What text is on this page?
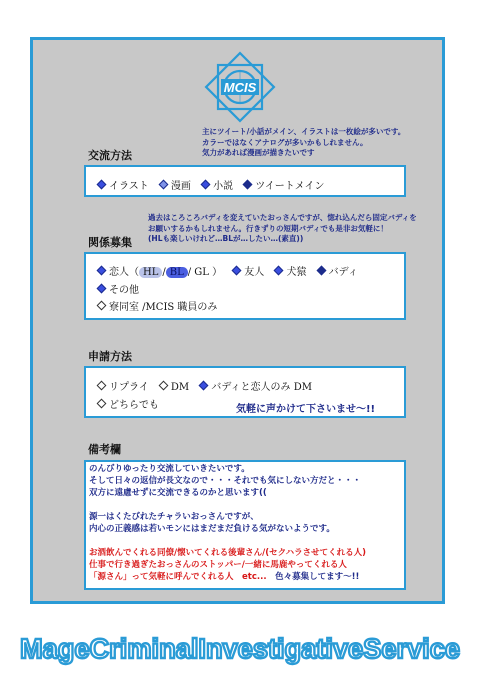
MCIS
交流方法
主にツイート/小話がメイン、イラストは一枚絵が多いです。
カラーではなくアナログが多いかもしれません。
気力があれば漫画が描きたいです
イラスト 漫画 小説 ツイートメイン
関係募集
過去はころころバディを変えていたおっさんですが、惚れ込んだら固定バディを
お願いするかもしれません。行きずりの短期バディでも是非お気軽に！
(HLも楽しいけれど…BLが…したい…(素直))
恋人（ HL / BL / GL ） 友人 犬猿 バディ
その他
寮同室 /MCIS 職員のみ
申請方法
リプライ DM バディと恋人のみ DM
どちらでも	気軽に声かけて下さいませ〜!!
備考欄
のんびりゆったり交流していきたいです。
そして日々の返信が長文なので・・・それでも気にしない方だと・・・
双方に遠慮せずに交流できるのかと思います((
源一はくたびれたチャラいおっさんですが、
内心の正義感は若いモンにはまだまだ負ける気がないようです。
お酒飲んでくれる同僚/懐いてくれる後輩さん/(セクハラさせてくれる人)
仕事で行き過ぎたおっさんのストッパー/一緒に馬鹿やってくれる人
「源さん」って気軽に呼んでくれる人　etc...　色々募集してます〜!!
MageCriminalInvestigativeService
